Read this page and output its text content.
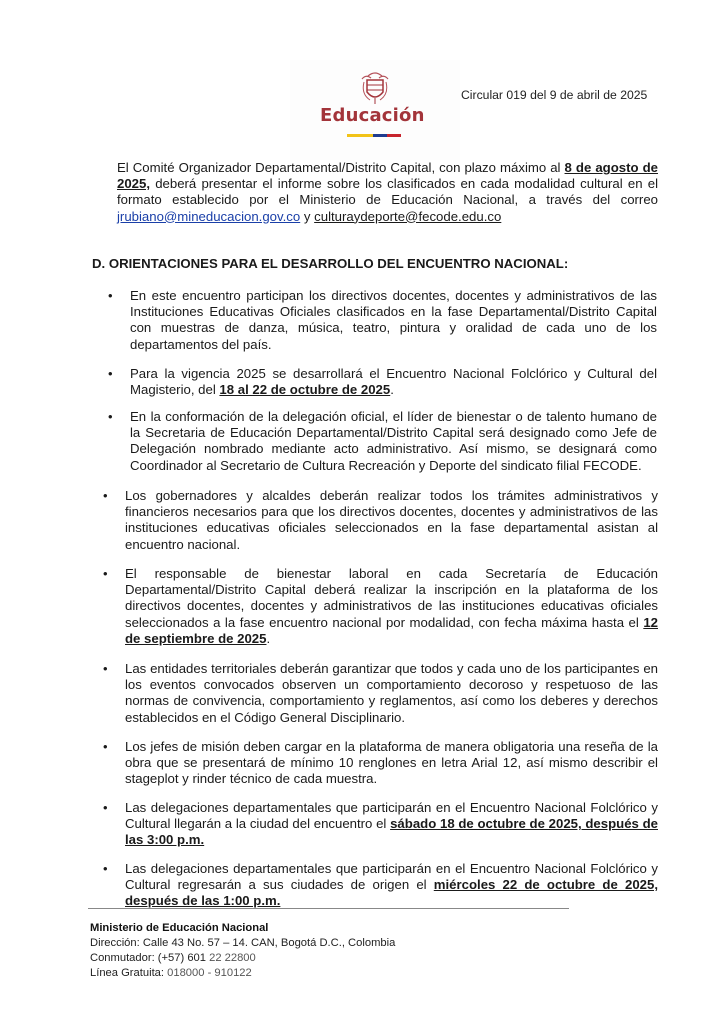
Educación
Circular 019 del 9 de abril de 2025
El Comité Organizador Departamental/Distrito Capital, con plazo máximo al 8 de agosto de 2025, deberá presentar el informe sobre los clasificados en cada modalidad cultural en el formato establecido por el Ministerio de Educación Nacional, a través del correo jrubiano@mineducacion.gov.co y culturaydeporte@fecode.edu.co
D. ORIENTACIONES PARA EL DESARROLLO DEL ENCUENTRO NACIONAL:
• En este encuentro participan los directivos docentes, docentes y administrativos de las Instituciones Educativas Oficiales clasificados en la fase Departamental/Distrito Capital con muestras de danza, música, teatro, pintura y oralidad de cada uno de los departamentos del país.
• Para la vigencia 2025 se desarrollará el Encuentro Nacional Folclórico y Cultural del Magisterio, del 18 al 22 de octubre de 2025.
• En la conformación de la delegación oficial, el líder de bienestar o de talento humano de la Secretaria de Educación Departamental/Distrito Capital será designado como Jefe de Delegación nombrado mediante acto administrativo. Así mismo, se designará como Coordinador al Secretario de Cultura Recreación y Deporte del sindicato filial FECODE.
• Los gobernadores y alcaldes deberán realizar todos los trámites administrativos y financieros necesarios para que los directivos docentes, docentes y administrativos de las instituciones educativas oficiales seleccionados en la fase departamental asistan al encuentro nacional.
• El responsable de bienestar laboral en cada Secretaría de Educación Departamental/Distrito Capital deberá realizar la inscripción en la plataforma de los directivos docentes, docentes y administrativos de las instituciones educativas oficiales seleccionados a la fase encuentro nacional por modalidad, con fecha máxima hasta el 12 de septiembre de 2025.
• Las entidades territoriales deberán garantizar que todos y cada uno de los participantes en los eventos convocados observen un comportamiento decoroso y respetuoso de las normas de convivencia, comportamiento y reglamentos, así como los deberes y derechos establecidos en el Código General Disciplinario.
• Los jefes de misión deben cargar en la plataforma de manera obligatoria una reseña de la obra que se presentará de mínimo 10 renglones en letra Arial 12, así mismo describir el stageplot y rinder técnico de cada muestra.
• Las delegaciones departamentales que participarán en el Encuentro Nacional Folclórico y Cultural llegarán a la ciudad del encuentro el sábado 18 de octubre de 2025, después de las 3:00 p.m.
• Las delegaciones departamentales que participarán en el Encuentro Nacional Folclórico y Cultural regresarán a sus ciudades de origen el miércoles 22 de octubre de 2025, después de las 1:00 p.m.
Ministerio de Educación Nacional
Dirección: Calle 43 No. 57 – 14. CAN, Bogotá D.C., Colombia
Conmutador: (+57) 601 22 22800
Línea Gratuita: 018000 - 910122
